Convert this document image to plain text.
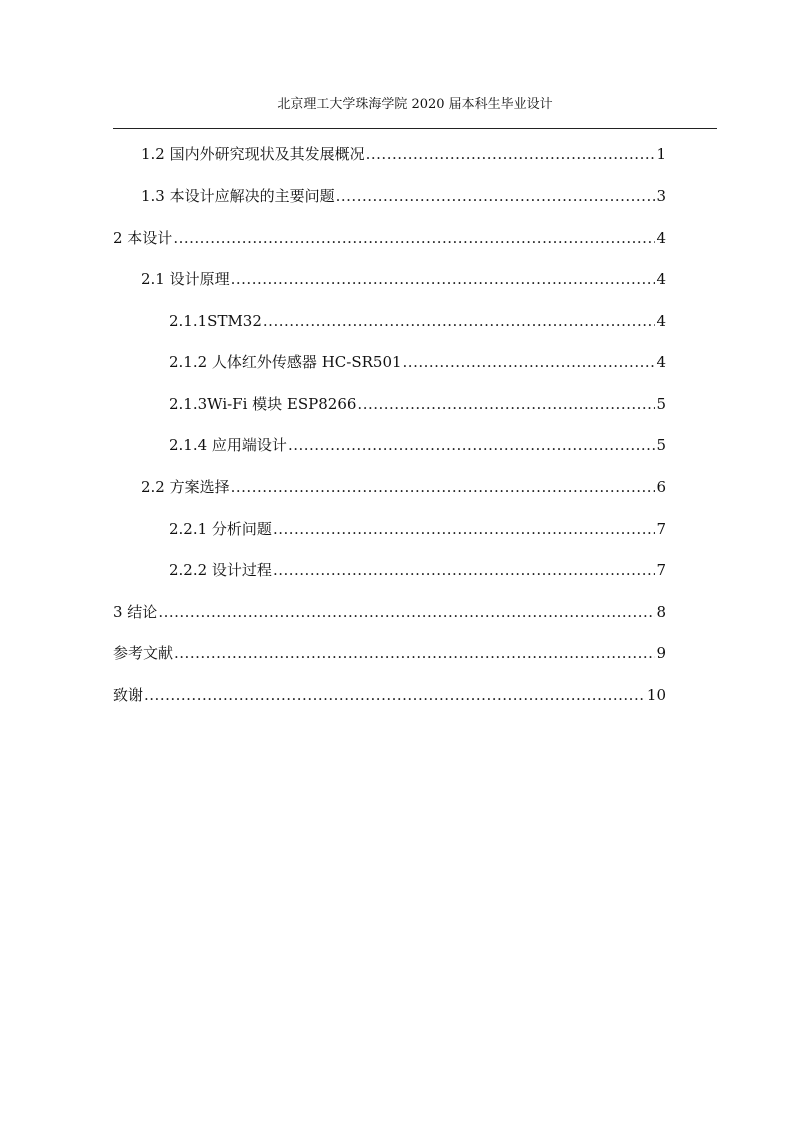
北京理工大学珠海学院 2020 届本科生毕业设计
1.2 国内外研究现状及其发展概况 .....	1
1.3 本设计应解决的主要问题 .....	3
2 本设计 .....	4
2.1 设计原理 .....	4
2.1.1STM32 .....	4
2.1.2 人体红外传感器 HC-SR501 .....	4
2.1.3Wi-Fi 模块 ESP8266 .....	5
2.1.4 应用端设计 .....	5
2.2 方案选择 .....	6
2.2.1 分析问题 .....	7
2.2.2 设计过程 .....	7
3 结论 .....	8
参考文献 .....	9
致谢 .....	10
